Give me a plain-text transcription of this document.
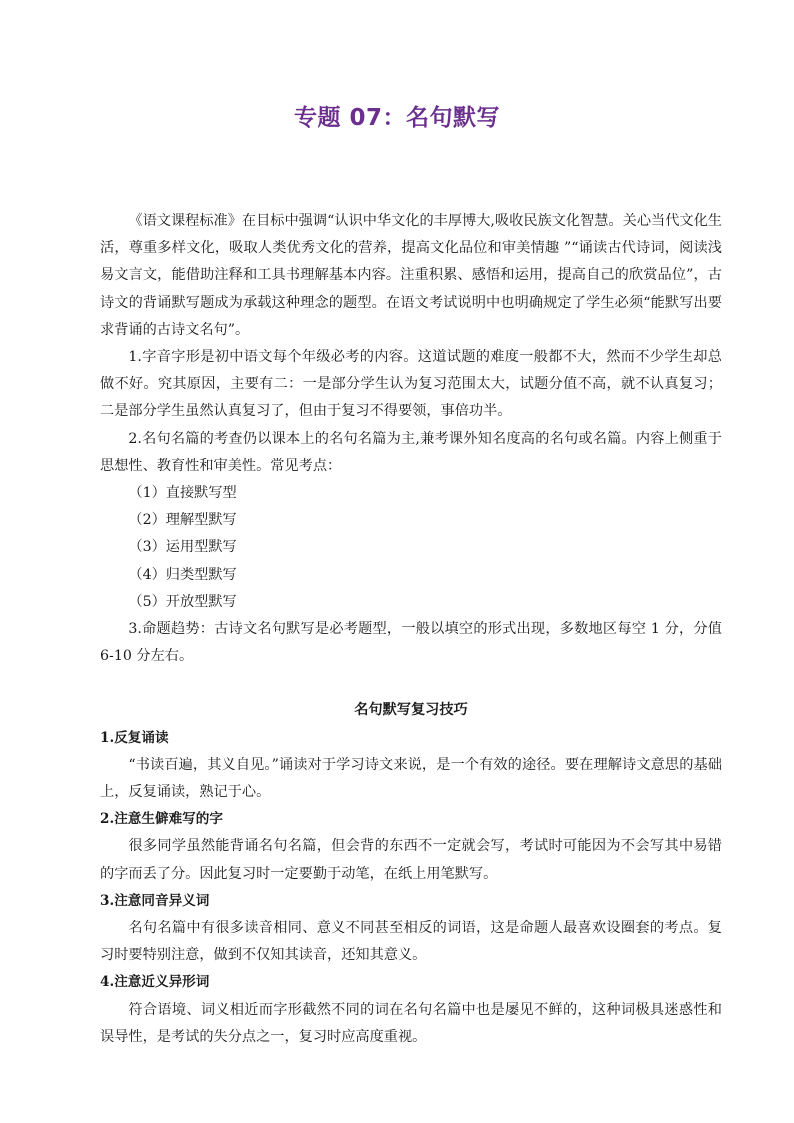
专题 07：名句默写

《语文课程标准》在目标中强调“认识中华文化的丰厚博大,吸收民族文化智慧。关心当代文化生活，尊重多样文化，吸取人类优秀文化的营养，提高文化品位和审美情趣 ”“诵读古代诗词，阅读浅易文言文，能借助注释和工具书理解基本内容。注重积累、感悟和运用，提高自己的欣赏品位”，古诗文的背诵默写题成为承载这种理念的题型。在语文考试说明中也明确规定了学生必须“能默写出要求背诵的古诗文名句”。

1.字音字形是初中语文每个年级必考的内容。这道试题的难度一般都不大，然而不少学生却总做不好。究其原因，主要有二：一是部分学生认为复习范围太大，试题分值不高，就不认真复习；二是部分学生虽然认真复习了，但由于复习不得要领，事倍功半。

2.名句名篇的考查仍以课本上的名句名篇为主,兼考课外知名度高的名句或名篇。内容上侧重于思想性、教育性和审美性。常见考点：

（1）直接默写型

（2）理解型默写

（3）运用型默写

（4）归类型默写

（5）开放型默写

3.命题趋势：古诗文名句默写是必考题型，一般以填空的形式出现，多数地区每空 1 分，分值 6-10 分左右。

名句默写复习技巧

1.反复诵读

“书读百遍，其义自见。”诵读对于学习诗文来说，是一个有效的途径。要在理解诗文意思的基础上，反复诵读，熟记于心。

2.注意生僻难写的字

很多同学虽然能背诵名句名篇，但会背的东西不一定就会写，考试时可能因为不会写其中易错的字而丢了分。因此复习时一定要勤于动笔，在纸上用笔默写。

3.注意同音异义词

名句名篇中有很多读音相同、意义不同甚至相反的词语，这是命题人最喜欢设圈套的考点。复习时要特别注意，做到不仅知其读音，还知其意义。

4.注意近义异形词

符合语境、词义相近而字形截然不同的词在名句名篇中也是屡见不鲜的，这种词极具迷惑性和误导性，是考试的失分点之一，复习时应高度重视。
